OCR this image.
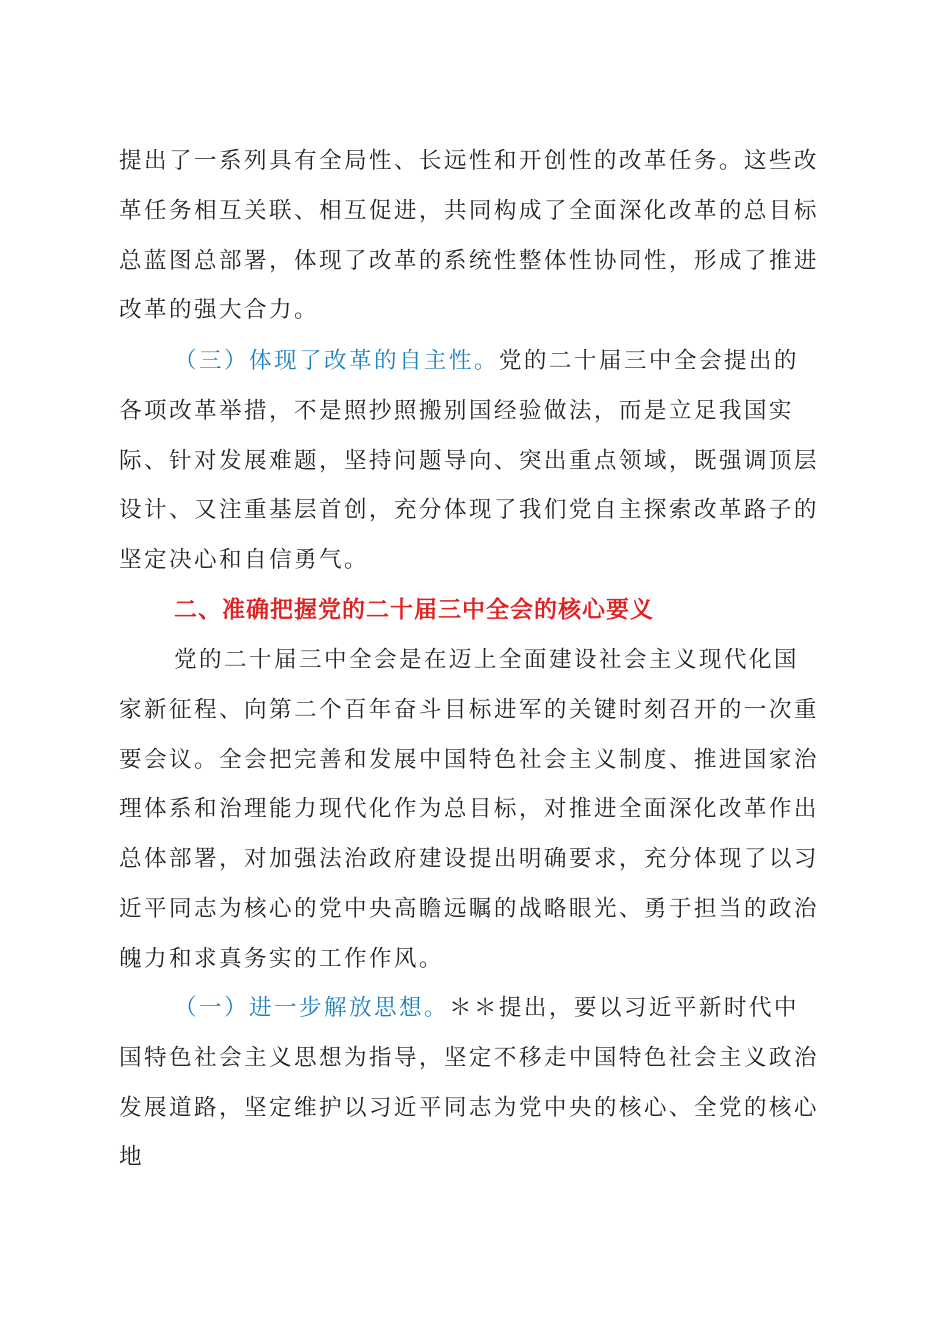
提出了一系列具有全局性、长远性和开创性的改革任务。这些改革任务相互关联、相互促进，共同构成了全面深化改革的总目标总蓝图总部署，体现了改革的系统性整体性协同性，形成了推进改革的强大合力。

（三）体现了改革的自主性。党的二十届三中全会提出的各项改革举措，不是照抄照搬别国经验做法，而是立足我国实际、针对发展难题，坚持问题导向、突出重点领域，既强调顶层设计、又注重基层首创，充分体现了我们党自主探索改革路子的坚定决心和自信勇气。

二、准确把握党的二十届三中全会的核心要义

党的二十届三中全会是在迈上全面建设社会主义现代化国家新征程、向第二个百年奋斗目标进军的关键时刻召开的一次重要会议。全会把完善和发展中国特色社会主义制度、推进国家治理体系和治理能力现代化作为总目标，对推进全面深化改革作出总体部署，对加强法治政府建设提出明确要求，充分体现了以习近平同志为核心的党中央高瞻远瞩的战略眼光、勇于担当的政治魄力和求真务实的工作作风。

（一）进一步解放思想。＊＊提出，要以习近平新时代中国特色社会主义思想为指导，坚定不移走中国特色社会主义政治发展道路，坚定维护以习近平同志为党中央的核心、全党的核心地
